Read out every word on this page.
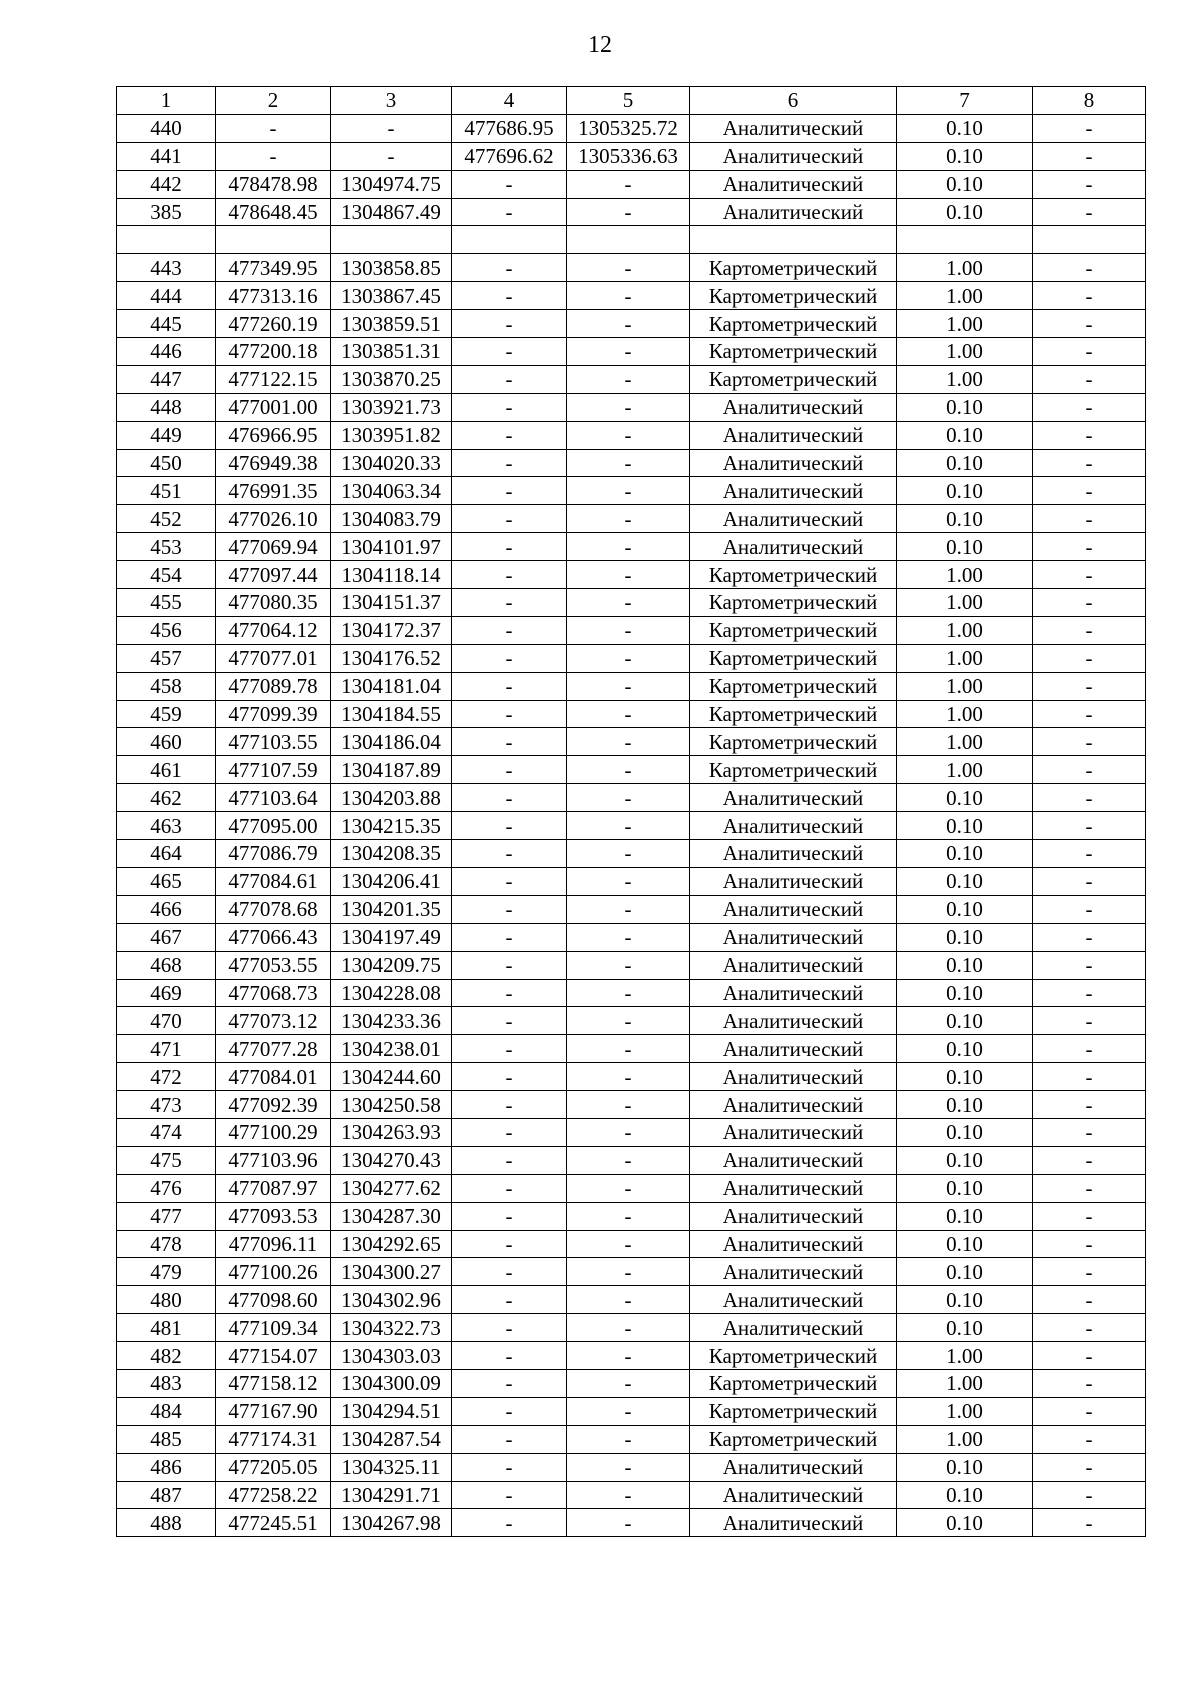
12
1	2	3	4	5	6	7	8
440	-	-	477686.95	1305325.72	Аналитический	0.10	-
441	-	-	477696.62	1305336.63	Аналитический	0.10	-
442	478478.98	1304974.75	-	-	Аналитический	0.10	-
385	478648.45	1304867.49	-	-	Аналитический	0.10	-

443	477349.95	1303858.85	-	-	Картометрический	1.00	-
444	477313.16	1303867.45	-	-	Картометрический	1.00	-
445	477260.19	1303859.51	-	-	Картометрический	1.00	-
446	477200.18	1303851.31	-	-	Картометрический	1.00	-
447	477122.15	1303870.25	-	-	Картометрический	1.00	-
448	477001.00	1303921.73	-	-	Аналитический	0.10	-
449	476966.95	1303951.82	-	-	Аналитический	0.10	-
450	476949.38	1304020.33	-	-	Аналитический	0.10	-
451	476991.35	1304063.34	-	-	Аналитический	0.10	-
452	477026.10	1304083.79	-	-	Аналитический	0.10	-
453	477069.94	1304101.97	-	-	Аналитический	0.10	-
454	477097.44	1304118.14	-	-	Картометрический	1.00	-
455	477080.35	1304151.37	-	-	Картометрический	1.00	-
456	477064.12	1304172.37	-	-	Картометрический	1.00	-
457	477077.01	1304176.52	-	-	Картометрический	1.00	-
458	477089.78	1304181.04	-	-	Картометрический	1.00	-
459	477099.39	1304184.55	-	-	Картометрический	1.00	-
460	477103.55	1304186.04	-	-	Картометрический	1.00	-
461	477107.59	1304187.89	-	-	Картометрический	1.00	-
462	477103.64	1304203.88	-	-	Аналитический	0.10	-
463	477095.00	1304215.35	-	-	Аналитический	0.10	-
464	477086.79	1304208.35	-	-	Аналитический	0.10	-
465	477084.61	1304206.41	-	-	Аналитический	0.10	-
466	477078.68	1304201.35	-	-	Аналитический	0.10	-
467	477066.43	1304197.49	-	-	Аналитический	0.10	-
468	477053.55	1304209.75	-	-	Аналитический	0.10	-
469	477068.73	1304228.08	-	-	Аналитический	0.10	-
470	477073.12	1304233.36	-	-	Аналитический	0.10	-
471	477077.28	1304238.01	-	-	Аналитический	0.10	-
472	477084.01	1304244.60	-	-	Аналитический	0.10	-
473	477092.39	1304250.58	-	-	Аналитический	0.10	-
474	477100.29	1304263.93	-	-	Аналитический	0.10	-
475	477103.96	1304270.43	-	-	Аналитический	0.10	-
476	477087.97	1304277.62	-	-	Аналитический	0.10	-
477	477093.53	1304287.30	-	-	Аналитический	0.10	-
478	477096.11	1304292.65	-	-	Аналитический	0.10	-
479	477100.26	1304300.27	-	-	Аналитический	0.10	-
480	477098.60	1304302.96	-	-	Аналитический	0.10	-
481	477109.34	1304322.73	-	-	Аналитический	0.10	-
482	477154.07	1304303.03	-	-	Картометрический	1.00	-
483	477158.12	1304300.09	-	-	Картометрический	1.00	-
484	477167.90	1304294.51	-	-	Картометрический	1.00	-
485	477174.31	1304287.54	-	-	Картометрический	1.00	-
486	477205.05	1304325.11	-	-	Аналитический	0.10	-
487	477258.22	1304291.71	-	-	Аналитический	0.10	-
488	477245.51	1304267.98	-	-	Аналитический	0.10	-
